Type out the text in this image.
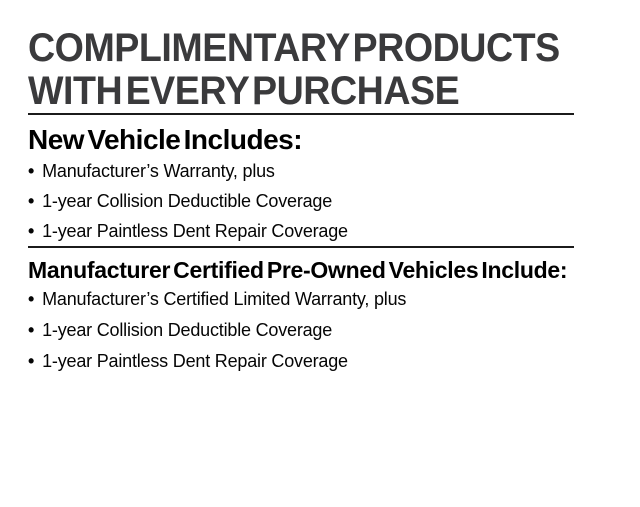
COMPLIMENTARY PRODUCTS
WITH EVERY PURCHASE
New Vehicle Includes:
• Manufacturer’s Warranty, plus
• 1-year Collision Deductible Coverage
• 1-year Paintless Dent Repair Coverage
Manufacturer Certified Pre-Owned Vehicles Include:
• Manufacturer’s Certified Limited Warranty, plus
• 1-year Collision Deductible Coverage
• 1-year Paintless Dent Repair Coverage
